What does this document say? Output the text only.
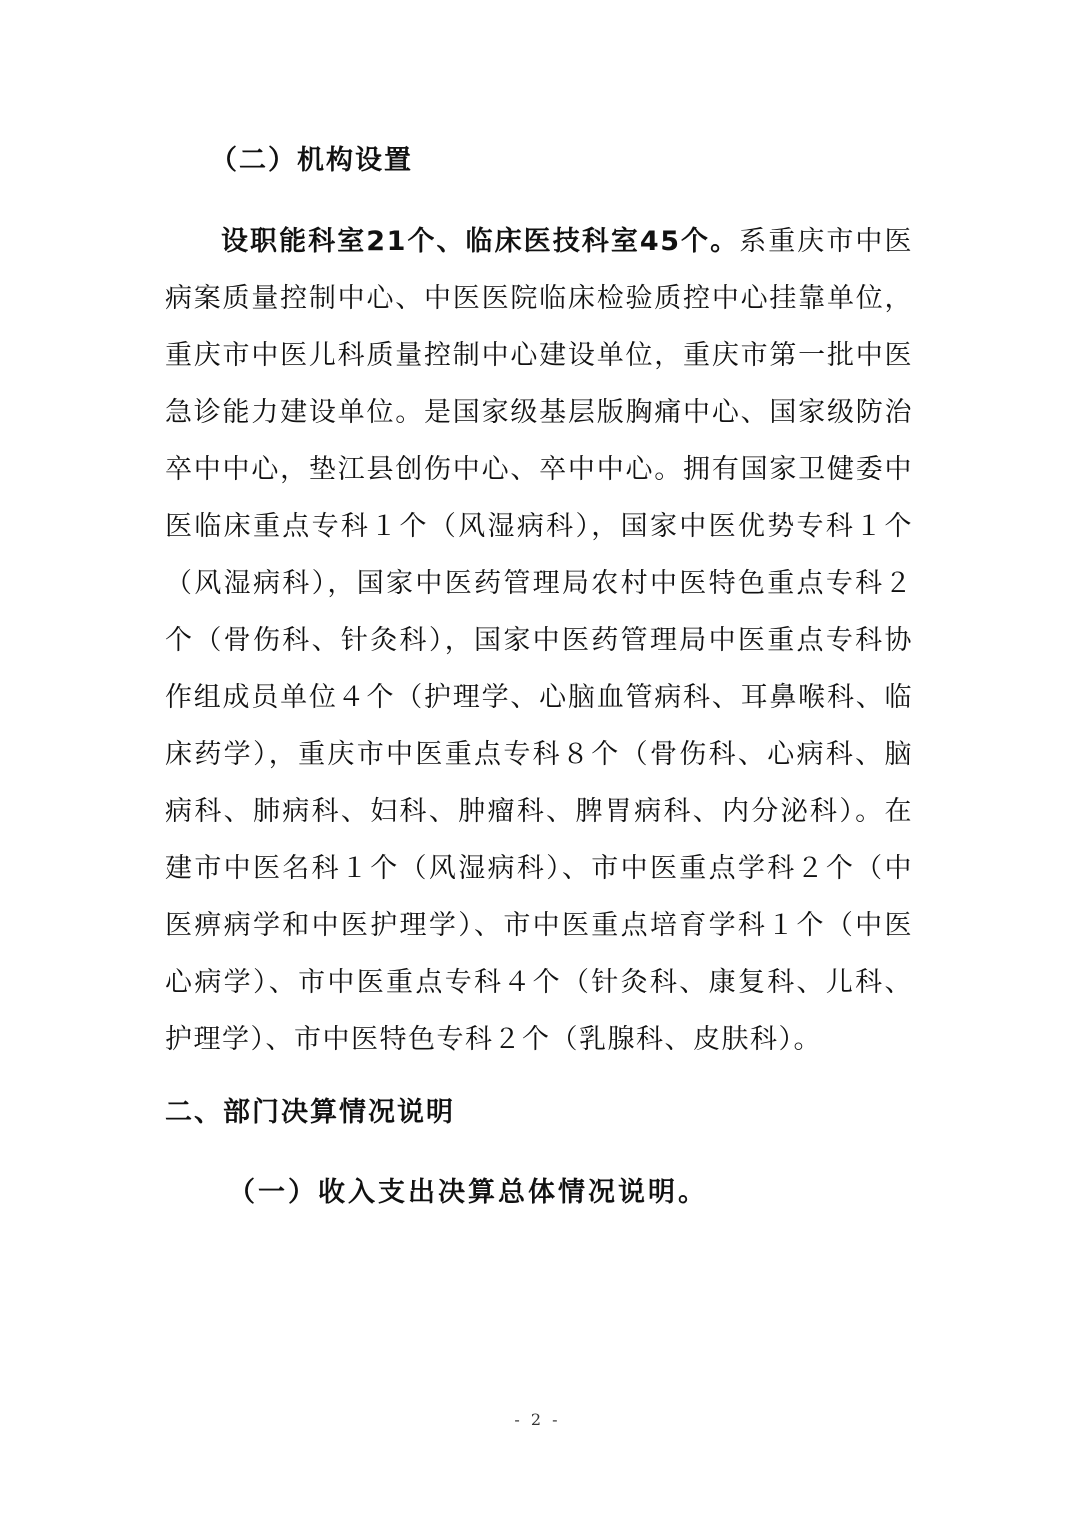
（二）机构设置
设职能科室21个、临床医技科室45个。系重庆市中医病案质量控制中心、中医医院临床检验质控中心挂靠单位，重庆市中医儿科质量控制中心建设单位，重庆市第一批中医急诊能力建设单位。是国家级基层版胸痛中心、国家级防治卒中中心，垫江县创伤中心、卒中中心。拥有国家卫健委中医临床重点专科１个（风湿病科），国家中医优势专科１个（风湿病科），国家中医药管理局农村中医特色重点专科２个（骨伤科、针灸科），国家中医药管理局中医重点专科协作组成员单位４个（护理学、心脑血管病科、耳鼻喉科、临床药学），重庆市中医重点专科８个（骨伤科、心病科、脑病科、肺病科、妇科、肿瘤科、脾胃病科、内分泌科）。在建市中医名科１个（风湿病科）、市中医重点学科２个（中医痹病学和中医护理学）、市中医重点培育学科１个（中医心病学）、市中医重点专科４个（针灸科、康复科、儿科、护理学）、市中医特色专科２个（乳腺科、皮肤科）。
二、部门决算情况说明
（一）收入支出决算总体情况说明。
- 2 -
